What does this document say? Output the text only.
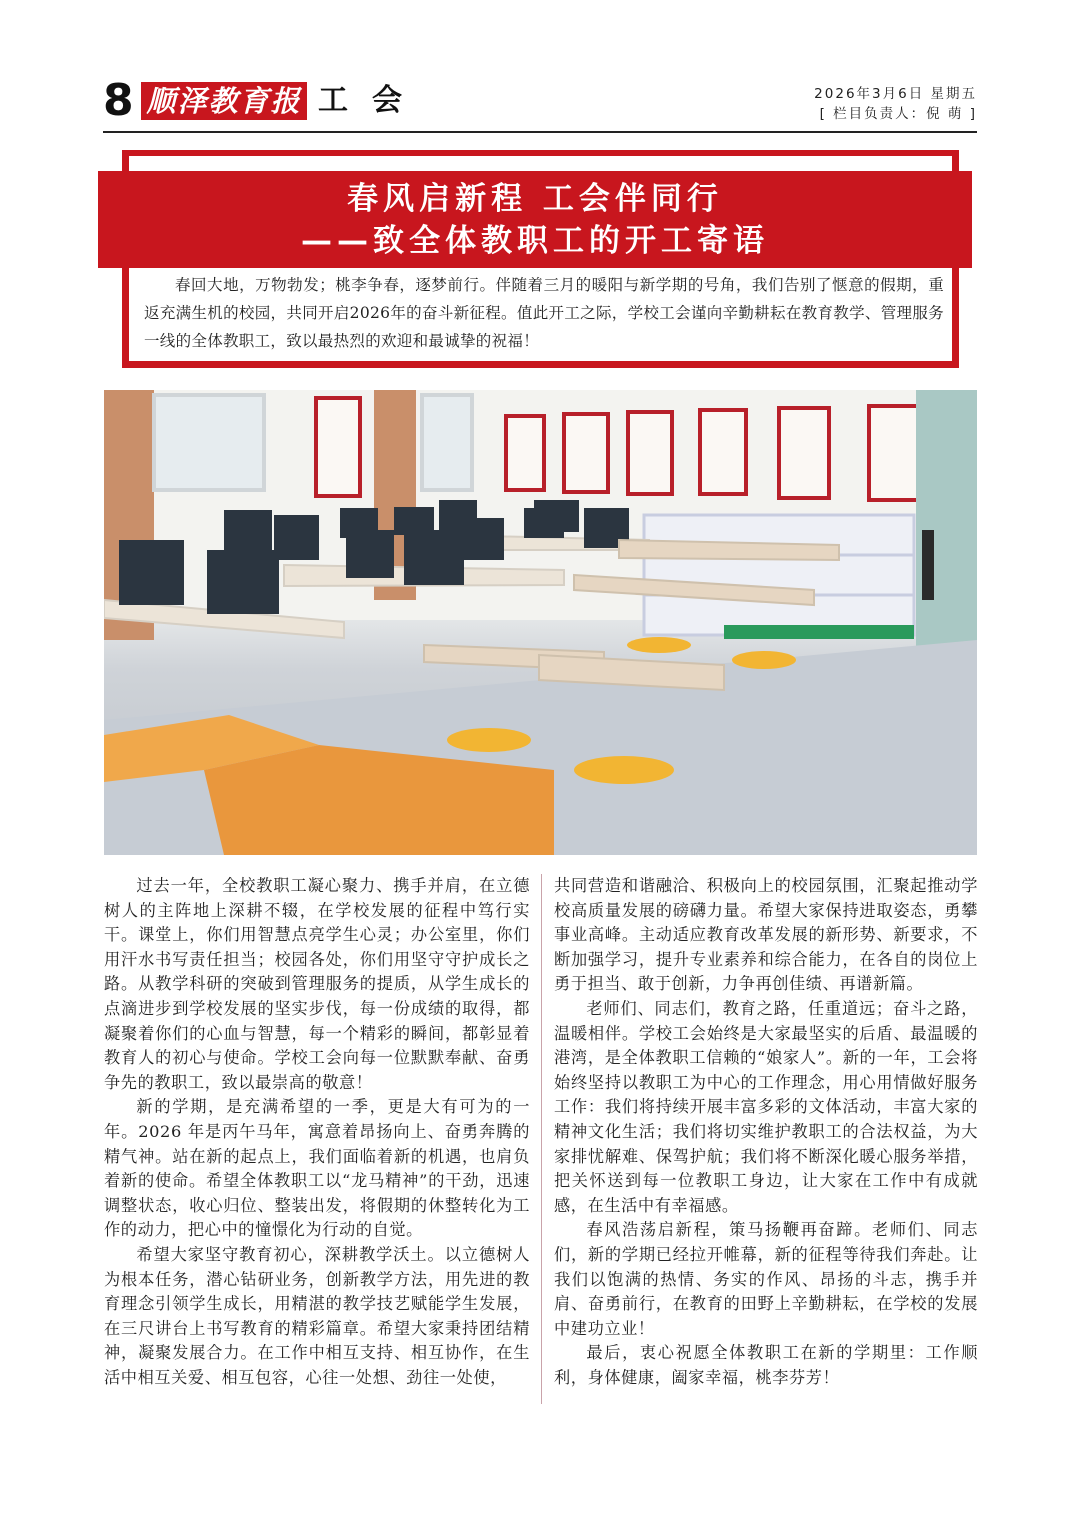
8 顺泽教育报 工会	2026年3月6日 星期五
[ 栏目负责人：倪 萌 ]
春风启新程 工会伴同行
——致全体教职工的开工寄语
春回大地，万物勃发；桃李争春，逐梦前行。伴随着三月的暖阳与新学期的号角，我们告别了惬意的假期，重返充满生机的校园，共同开启2026年的奋斗新征程。值此开工之际，学校工会谨向辛勤耕耘在教育教学、管理服务一线的全体教职工，致以最热烈的欢迎和最诚挚的祝福！

过去一年，全校教职工凝心聚力、携手并肩，在立德树人的主阵地上深耕不辍，在学校发展的征程中笃行实干。课堂上，你们用智慧点亮学生心灵；办公室里，你们用汗水书写责任担当；校园各处，你们用坚守守护成长之路。从教学科研的突破到管理服务的提质，从学生成长的点滴进步到学校发展的坚实步伐，每一份成绩的取得，都凝聚着你们的心血与智慧，每一个精彩的瞬间，都彰显着教育人的初心与使命。学校工会向每一位默默奉献、奋勇争先的教职工，致以最崇高的敬意！

新的学期，是充满希望的一季，更是大有可为的一年。2026 年是丙午马年，寓意着昂扬向上、奋勇奔腾的精气神。站在新的起点上，我们面临着新的机遇，也肩负着新的使命。希望全体教职工以“龙马精神”的干劲，迅速调整状态，收心归位、整装出发，将假期的休整转化为工作的动力，把心中的憧憬化为行动的自觉。

希望大家坚守教育初心，深耕教学沃土。以立德树人为根本任务，潜心钻研业务，创新教学方法，用先进的教育理念引领学生成长，用精湛的教学技艺赋能学生发展，在三尺讲台上书写教育的精彩篇章。希望大家秉持团结精神，凝聚发展合力。在工作中相互支持、相互协作，在生活中相互关爱、相互包容，心往一处想、劲往一处使，

共同营造和谐融洽、积极向上的校园氛围，汇聚起推动学校高质量发展的磅礴力量。希望大家保持进取姿态，勇攀事业高峰。主动适应教育改革发展的新形势、新要求，不断加强学习，提升专业素养和综合能力，在各自的岗位上勇于担当、敢于创新，力争再创佳绩、再谱新篇。

老师们、同志们，教育之路，任重道远；奋斗之路，温暖相伴。学校工会始终是大家最坚实的后盾、最温暖的港湾，是全体教职工信赖的“娘家人”。新的一年，工会将始终坚持以教职工为中心的工作理念，用心用情做好服务工作：我们将持续开展丰富多彩的文体活动，丰富大家的精神文化生活；我们将切实维护教职工的合法权益，为大家排忧解难、保驾护航；我们将不断深化暖心服务举措，把关怀送到每一位教职工身边，让大家在工作中有成就感，在生活中有幸福感。

春风浩荡启新程，策马扬鞭再奋蹄。老师们、同志们，新的学期已经拉开帷幕，新的征程等待我们奔赴。让我们以饱满的热情、务实的作风、昂扬的斗志，携手并肩、奋勇前行，在教育的田野上辛勤耕耘，在学校的发展中建功立业！

最后，衷心祝愿全体教职工在新的学期里：工作顺利，身体健康，阖家幸福，桃李芬芳！
